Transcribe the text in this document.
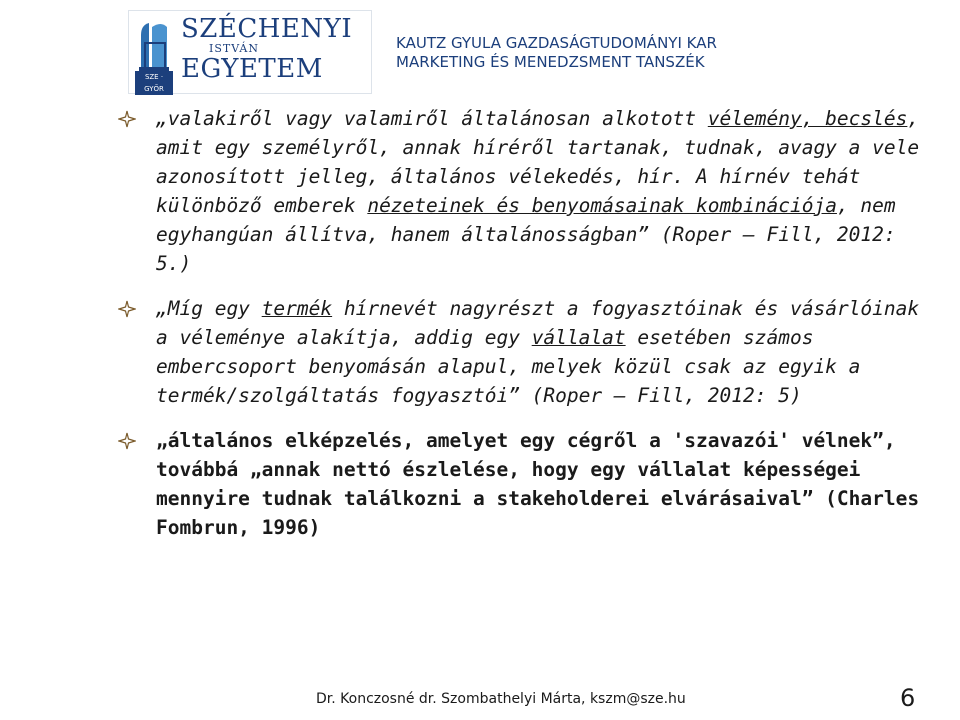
SZE · GYŐR
SZÉCHENYI
ISTVÁN
EGYETEM
KAUTZ GYULA GAZDASÁGTUDOMÁNYI KAR
MARKETING ÉS MENEDZSMENT TANSZÉK
„valakiről vagy valamiről általánosan alkotott vélemény, becslés, amit egy személyről, annak híréről tartanak, tudnak, avagy a vele azonosított jelleg, általános vélekedés, hír. A hírnév tehát különböző emberek nézeteinek és benyomásainak kombinációja, nem egyhangúan állítva, hanem általánosságban” (Roper – Fill, 2012: 5.)
„Míg egy termék hírnevét nagyrészt a fogyasztóinak és vásárlóinak a véleménye alakítja, addig egy vállalat esetében számos embercsoport benyomásán alapul, melyek közül csak az egyik a termék/szolgáltatás fogyasztói” (Roper – Fill, 2012: 5)
„általános elképzelés, amelyet egy cégről a 'szavazói' vélnek”, továbbá „annak nettó észlelése, hogy egy vállalat képességei mennyire tudnak találkozni a stakeholderei elvárásaival” (Charles Fombrun, 1996)
Dr. Konczosné dr. Szombathelyi Márta, kszm@sze.hu	6
